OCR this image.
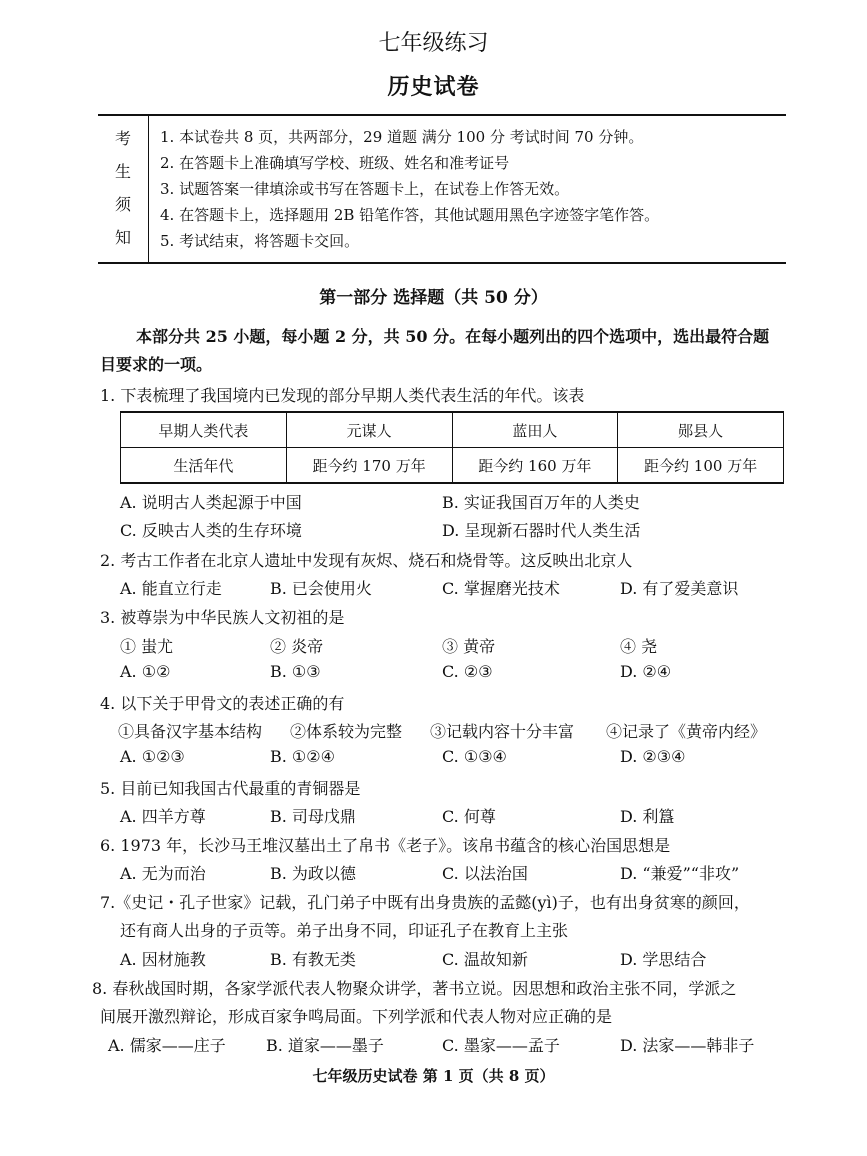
七年级练习
历史试卷
考
生
须
知
1. 本试卷共 8 页，共两部分，29 道题 满分 100 分 考试时间 70 分钟。
2. 在答题卡上准确填写学校、班级、姓名和准考证号
3. 试题答案一律填涂或书写在答题卡上，在试卷上作答无效。
4. 在答题卡上，选择题用 2B 铅笔作答，其他试题用黑色字迹签字笔作答。
5. 考试结束，将答题卡交回。
第一部分 选择题（共 50 分）
本部分共 25 小题，每小题 2 分，共 50 分。在每小题列出的四个选项中，选出最符合题
目要求的一项。
1. 下表梳理了我国境内已发现的部分早期人类代表生活的年代。该表
早期人类代表	元谋人	蓝田人	郧县人
生活年代	距今约 170 万年	距今约 160 万年	距今约 100 万年
A. 说明古人类起源于中国	B. 实证我国百万年的人类史
C. 反映古人类的生存环境	D. 呈现新石器时代人类生活
2. 考古工作者在北京人遗址中发现有灰烬、烧石和烧骨等。这反映出北京人
A. 能直立行走	B. 已会使用火	C. 掌握磨光技术	D. 有了爱美意识
3. 被尊崇为中华民族人文初祖的是
① 蚩尤	② 炎帝	③ 黄帝	④ 尧
A. ①②	B. ①③	C. ②③	D. ②④
4. 以下关于甲骨文的表述正确的有
①具备汉字基本结构 ②体系较为完整 ③记载内容十分丰富 ④记录了《黄帝内经》
A. ①②③	B. ①②④	C. ①③④	D. ②③④
5. 目前已知我国古代最重的青铜器是
A. 四羊方尊	B. 司母戊鼎	C. 何尊	D. 利簋
6. 1973 年，长沙马王堆汉墓出土了帛书《老子》。该帛书蕴含的核心治国思想是
A. 无为而治	B. 为政以德	C. 以法治国	D. “兼爱”“非攻”
7.《史记・孔子世家》记载，孔门弟子中既有出身贵族的孟懿(yì)子，也有出身贫寒的颜回，
还有商人出身的子贡等。弟子出身不同，印证孔子在教育上主张
A. 因材施教	B. 有教无类	C. 温故知新	D. 学思结合
8. 春秋战国时期，各家学派代表人物聚众讲学，著书立说。因思想和政治主张不同，学派之
间展开激烈辩论，形成百家争鸣局面。下列学派和代表人物对应正确的是
A. 儒家——庄子	B. 道家——墨子	C. 墨家——孟子	D. 法家——韩非子
七年级历史试卷 第 1 页（共 8 页）
